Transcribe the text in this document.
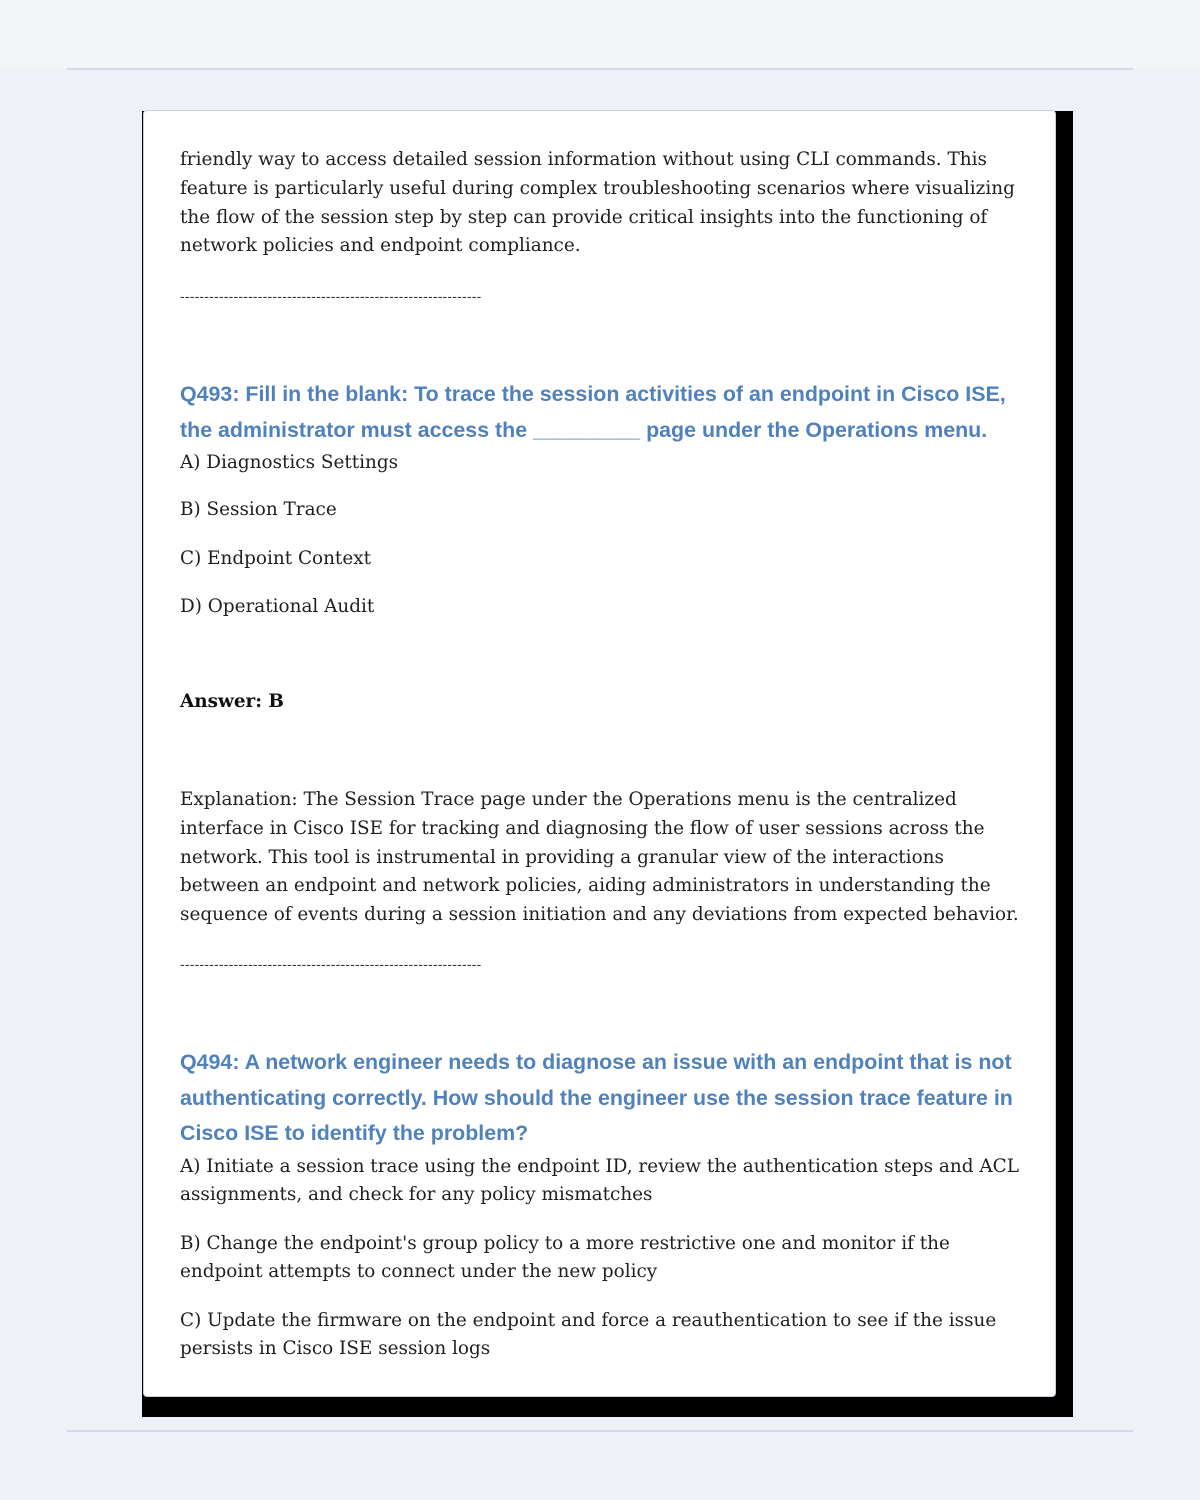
friendly way to access detailed session information without using CLI commands. This feature is particularly useful during complex troubleshooting scenarios where visualizing the flow of the session step by step can provide critical insights into the functioning of network policies and endpoint compliance.

--------------------------------------------------------------

Q493: Fill in the blank: To trace the session activities of an endpoint in Cisco ISE, the administrator must access the _________ page under the Operations menu.

A) Diagnostics Settings
B) Session Trace
C) Endpoint Context
D) Operational Audit
Answer: B

Explanation: The Session Trace page under the Operations menu is the centralized interface in Cisco ISE for tracking and diagnosing the flow of user sessions across the network. This tool is instrumental in providing a granular view of the interactions between an endpoint and network policies, aiding administrators in understanding the sequence of events during a session initiation and any deviations from expected behavior.

--------------------------------------------------------------

Q494: A network engineer needs to diagnose an issue with an endpoint that is not authenticating correctly. How should the engineer use the session trace feature in Cisco ISE to identify the problem?

A) Initiate a session trace using the endpoint ID, review the authentication steps and ACL assignments, and check for any policy mismatches
B) Change the endpoint's group policy to a more restrictive one and monitor if the endpoint attempts to connect under the new policy
C) Update the firmware on the endpoint and force a reauthentication to see if the issue persists in Cisco ISE session logs
